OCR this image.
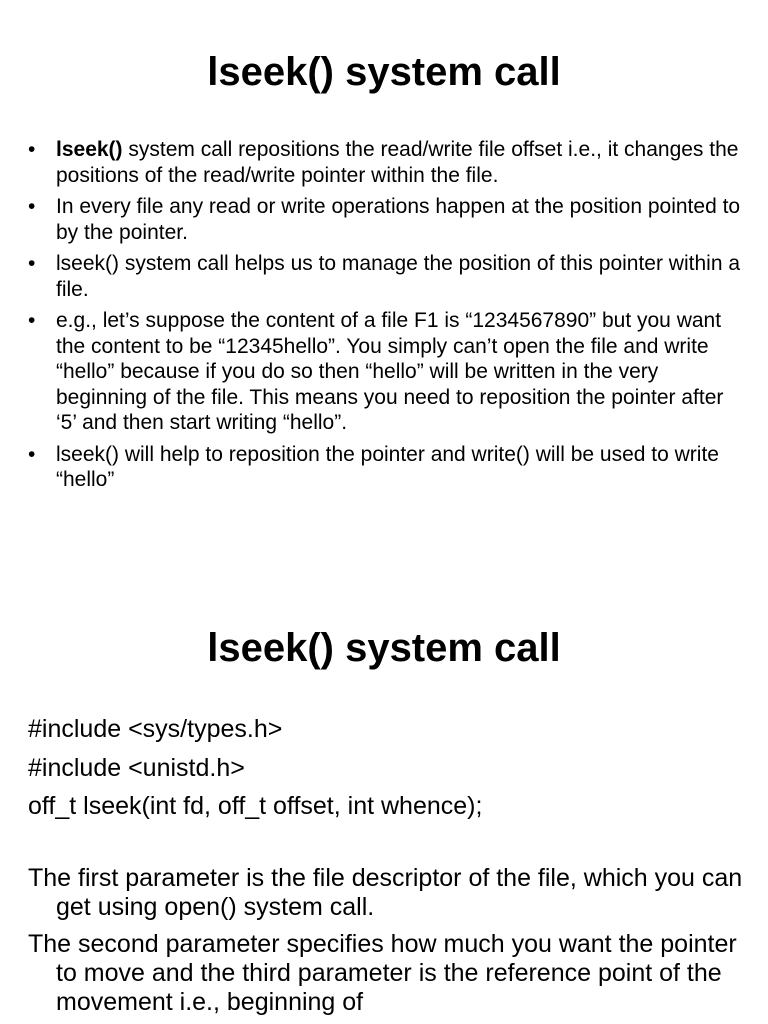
lseek() system call
• lseek() system call repositions the read/write file offset i.e., it changes the positions of the read/write pointer within the file.
• In every file any read or write operations happen at the position pointed to by the pointer.
• lseek() system call helps us to manage the position of this pointer within a file.
• e.g., let’s suppose the content of a file F1 is “1234567890” but you want the content to be “12345hello”. You simply can’t open the file and write “hello” because if you do so then “hello” will be written in the very beginning of the file. This means you need to reposition the pointer after ‘5’ and then start writing “hello”.
• lseek() will help to reposition the pointer and write() will be used to write “hello”
lseek() system call
#include <sys/types.h>
#include <unistd.h>
off_t lseek(int fd, off_t offset, int whence);

The first parameter is the file descriptor of the file, which you can get using open() system call.

The second parameter specifies how much you want the pointer to move and the third parameter is the reference point of the movement i.e., beginning of
